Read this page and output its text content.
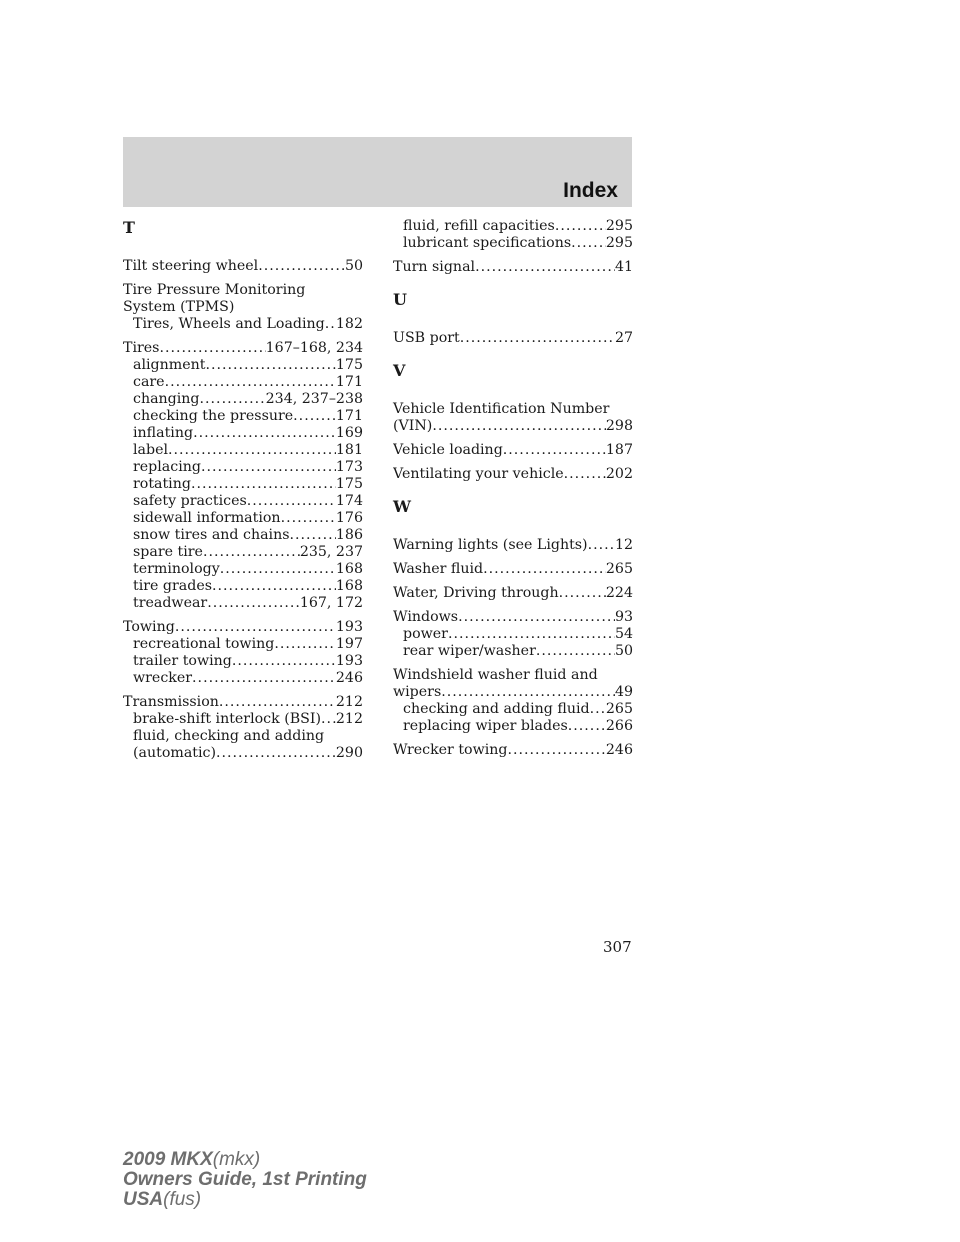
Index
T
Tilt steering wheel .....	50
Tire Pressure Monitoring
System (TPMS)
Tires, Wheels and Loading ..... 182
Tires .....	167–168, 234
alignment .....	175
care .....	171
changing .....	234, 237–238
checking the pressure .....	171
inflating .....	169
label .....	181
replacing .....	173
rotating .....	175
safety practices .....	174
sidewall information .....	176
snow tires and chains .....	186
spare tire .....	235, 237
terminology .....	168
tire grades .....	168
treadwear .....	167, 172
Towing .....	193
recreational towing .....	197
trailer towing .....	193
wrecker .....	246
Transmission .....	212
brake-shift interlock (BSI) ..... 212
fluid, checking and adding
(automatic) .....	290
fluid, refill capacities .....	295
lubricant specifications ..... 295
Turn signal .....	41
U
USB port .....	27
V
Vehicle Identification Number
(VIN) .....	298
Vehicle loading .....	187
Ventilating your vehicle .....	202
W
Warning lights (see Lights) ..... 12
Washer fluid .....	265
Water, Driving through .....	224
Windows .....	93
power .....	54
rear wiper/washer .....	50
Windshield washer fluid and
wipers .....	49
checking and adding fluid ..... 265
replacing wiper blades .....	266
Wrecker towing .....	246
307
2009 MKX(mkx)
Owners Guide, 1st Printing
USA(fus)
